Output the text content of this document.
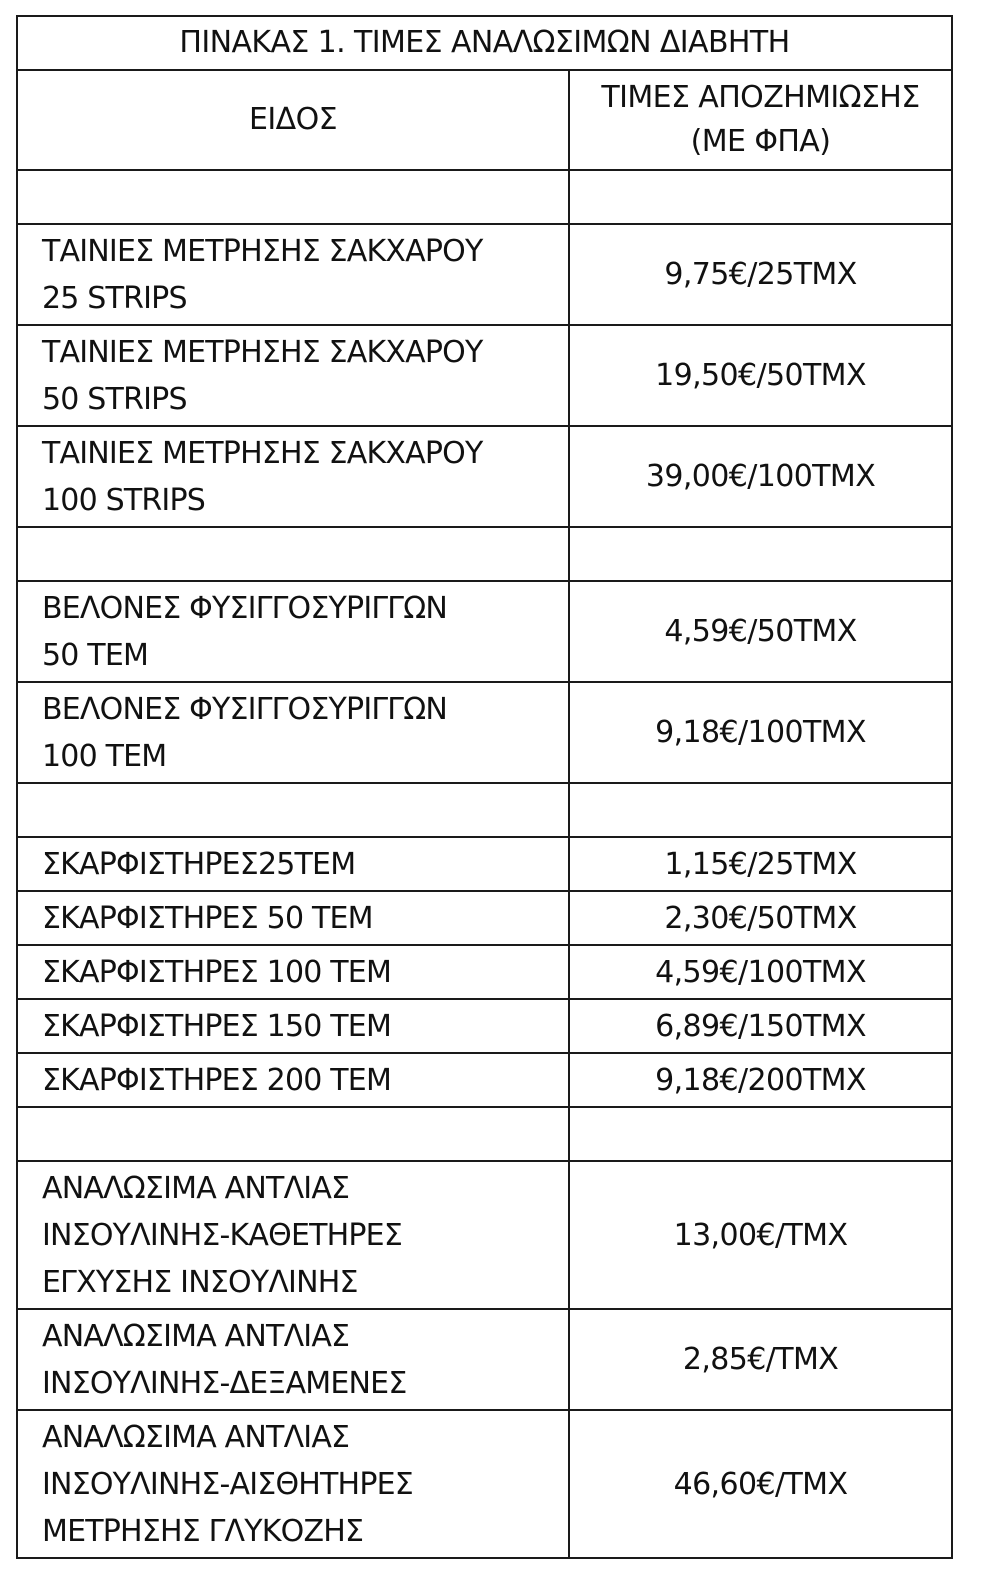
ΠΙΝΑΚΑΣ 1. ΤΙΜΕΣ ΑΝΑΛΩΣΙΜΩΝ ΔΙΑΒΗΤΗ	
ΕΙΔΟΣ	ΤΙΜΕΣ ΑΠΟΖΗΜΙΩΣΗΣ
(ΜΕ ΦΠΑ)

ΤΑΙΝΙΕΣ ΜΕΤΡΗΣΗΣ ΣΑΚΧΑΡΟΥ
25 STRIPS	9,75€/25ΤΜΧ

ΤΑΙΝΙΕΣ ΜΕΤΡΗΣΗΣ ΣΑΚΧΑΡΟΥ
50 STRIPS	19,50€/50ΤΜΧ

ΤΑΙΝΙΕΣ ΜΕΤΡΗΣΗΣ ΣΑΚΧΑΡΟΥ
100 STRIPS	39,00€/100ΤΜΧ

ΒΕΛΟΝΕΣ ΦΥΣΙΓΓΟΣΥΡΙΓΓΩΝ
50 ΤΕΜ	4,59€/50ΤΜΧ

ΒΕΛΟΝΕΣ ΦΥΣΙΓΓΟΣΥΡΙΓΓΩΝ
100 ΤΕΜ	9,18€/100ΤΜΧ

ΣΚΑΡΦΙΣΤΗΡΕΣ25ΤΕΜ	1,15€/25ΤΜΧ

ΣΚΑΡΦΙΣΤΗΡΕΣ 50 ΤΕΜ	2,30€/50ΤΜΧ

ΣΚΑΡΦΙΣΤΗΡΕΣ 100 ΤΕΜ	4,59€/100ΤΜΧ

ΣΚΑΡΦΙΣΤΗΡΕΣ 150 ΤΕΜ	6,89€/150ΤΜΧ

ΣΚΑΡΦΙΣΤΗΡΕΣ 200 ΤΕΜ	9,18€/200ΤΜΧ

ΑΝΑΛΩΣΙΜΑ ΑΝΤΛΙΑΣ
ΙΝΣΟΥΛΙΝΗΣ-ΚΑΘΕΤΗΡΕΣ
ΕΓΧΥΣΗΣ ΙΝΣΟΥΛΙΝΗΣ	13,00€/ΤΜΧ

ΑΝΑΛΩΣΙΜΑ ΑΝΤΛΙΑΣ
ΙΝΣΟΥΛΙΝΗΣ-ΔΕΞΑΜΕΝΕΣ	2,85€/ΤΜΧ

ΑΝΑΛΩΣΙΜΑ ΑΝΤΛΙΑΣ
ΙΝΣΟΥΛΙΝΗΣ-ΑΙΣΘΗΤΗΡΕΣ
ΜΕΤΡΗΣΗΣ ΓΛΥΚΟΖΗΣ	46,60€/ΤΜΧ
